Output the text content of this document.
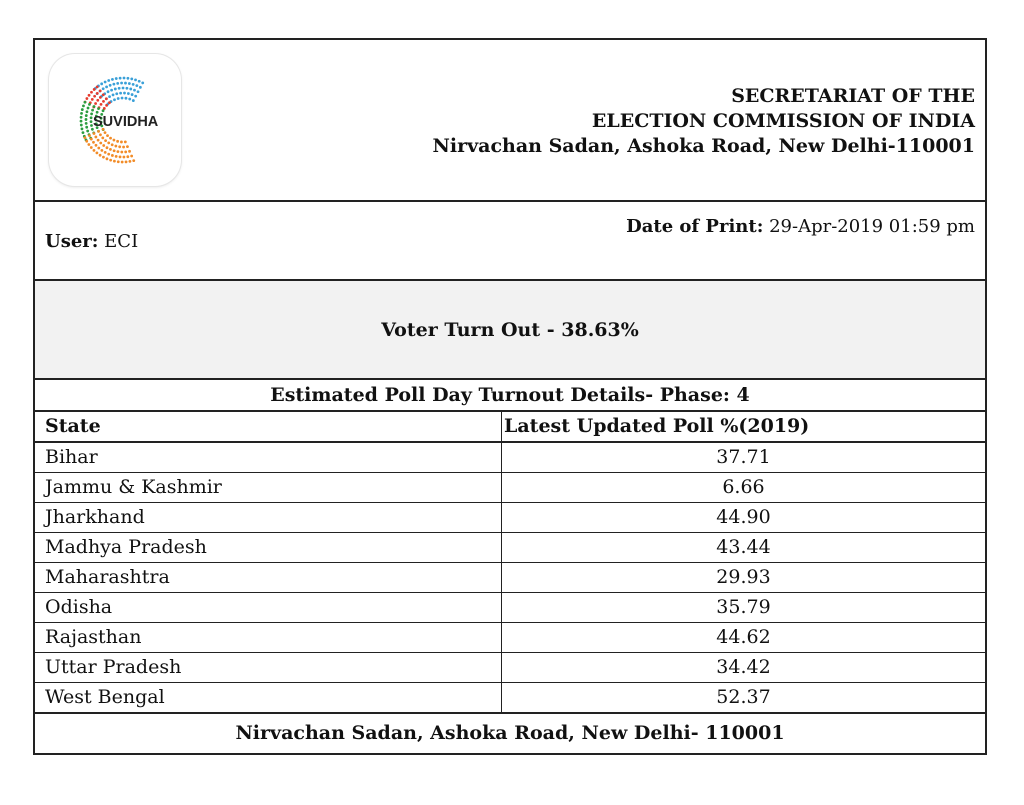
SUVIDHA
SECRETARIAT OF THE
ELECTION COMMISSION OF INDIA
Nirvachan Sadan, Ashoka Road, New Delhi-110001
User: ECI
Date of Print: 29-Apr-2019 01:59 pm
Voter Turn Out - 38.63%
Estimated Poll Day Turnout Details- Phase: 4
State	Latest Updated Poll %(2019)
Bihar	37.71
Jammu & Kashmir	6.66
Jharkhand	44.90
Madhya Pradesh	43.44
Maharashtra	29.93
Odisha	35.79
Rajasthan	44.62
Uttar Pradesh	34.42
West Bengal	52.37
Nirvachan Sadan, Ashoka Road, New Delhi- 110001
